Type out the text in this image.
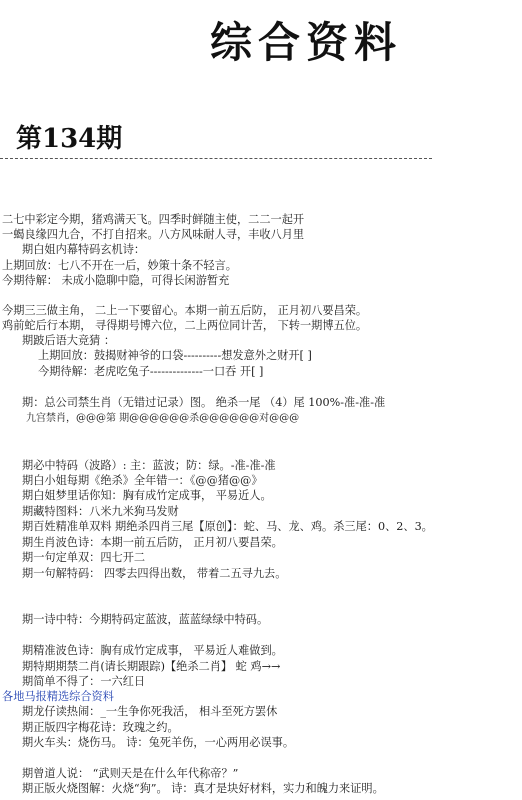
综合资料
第134期
二七中彩定今期，猪鸡满天飞。四季时鲜随主使，二二一起开
一蝎良缘四九合，不打自招来。八方风味耐人寻，丰收八月里
期白姐内幕特码玄机诗：
上期回放：七八不开在一后，妙策十条不轻言。
今期待解： 未成小隐聊中隐，可得长闲游暂充
今期三三做主角， 二上一下要留心。本期一前五后防， 正月初八要昌荣。
鸡前蛇后行本期， 寻得期号博六位，二上两位同计苦， 下转一期博五位。
期跛后语大竞猜 ：
上期回放：鼓揭财神爷的口袋----------想发意外之财开[ ]
今期待解：老虎吃兔子--------------一口吞 开[ ]
期：总公司禁生肖（无错过记录）图。 绝杀一尾 （4）尾 100%-准-准-准
九宫禁肖，@@@第 期@@@@@@杀@@@@@@对@@@
期必中特码（波路）: 主：蓝波；防：绿。-准-准-准
期白小姐每期《绝杀》全年错一：《@@猪@@》
期白姐梦里话你知：胸有成竹定成事， 平易近人。
期藏特图料：八米九米狗马发财
期百姓精准单双料 期绝杀四肖三尾【原创】：蛇、马、龙、鸡。杀三尾：0、2、3。
期生肖波色诗：本期一前五后防， 正月初八要昌荣。
期一句定单双：四七开二
期一句解特码： 四零去四得出数， 带着二五寻九去。
期一诗中特：今期特码定蓝波，蓝蓝绿绿中特码。
期精准波色诗：胸有成竹定成事， 平易近人难做到。
期特期期禁二肖(请长期跟踪)【绝杀二肖】 蛇 鸡→→
期简单不得了：一六红日
各地马报精选综合资料
期龙仔读热闹：_一生争你死我活， 相斗至死方罢休
期正版四字梅花诗：玫瑰之约。
期火车头：烧伤马。 诗：兔死羊伤，一心两用必误事。
期曾道人说： “武则天是在什么年代称帝？”
期正版火烧图解：火烧“狗”。 诗：真才是块好材料，实力和魄力来证明。
